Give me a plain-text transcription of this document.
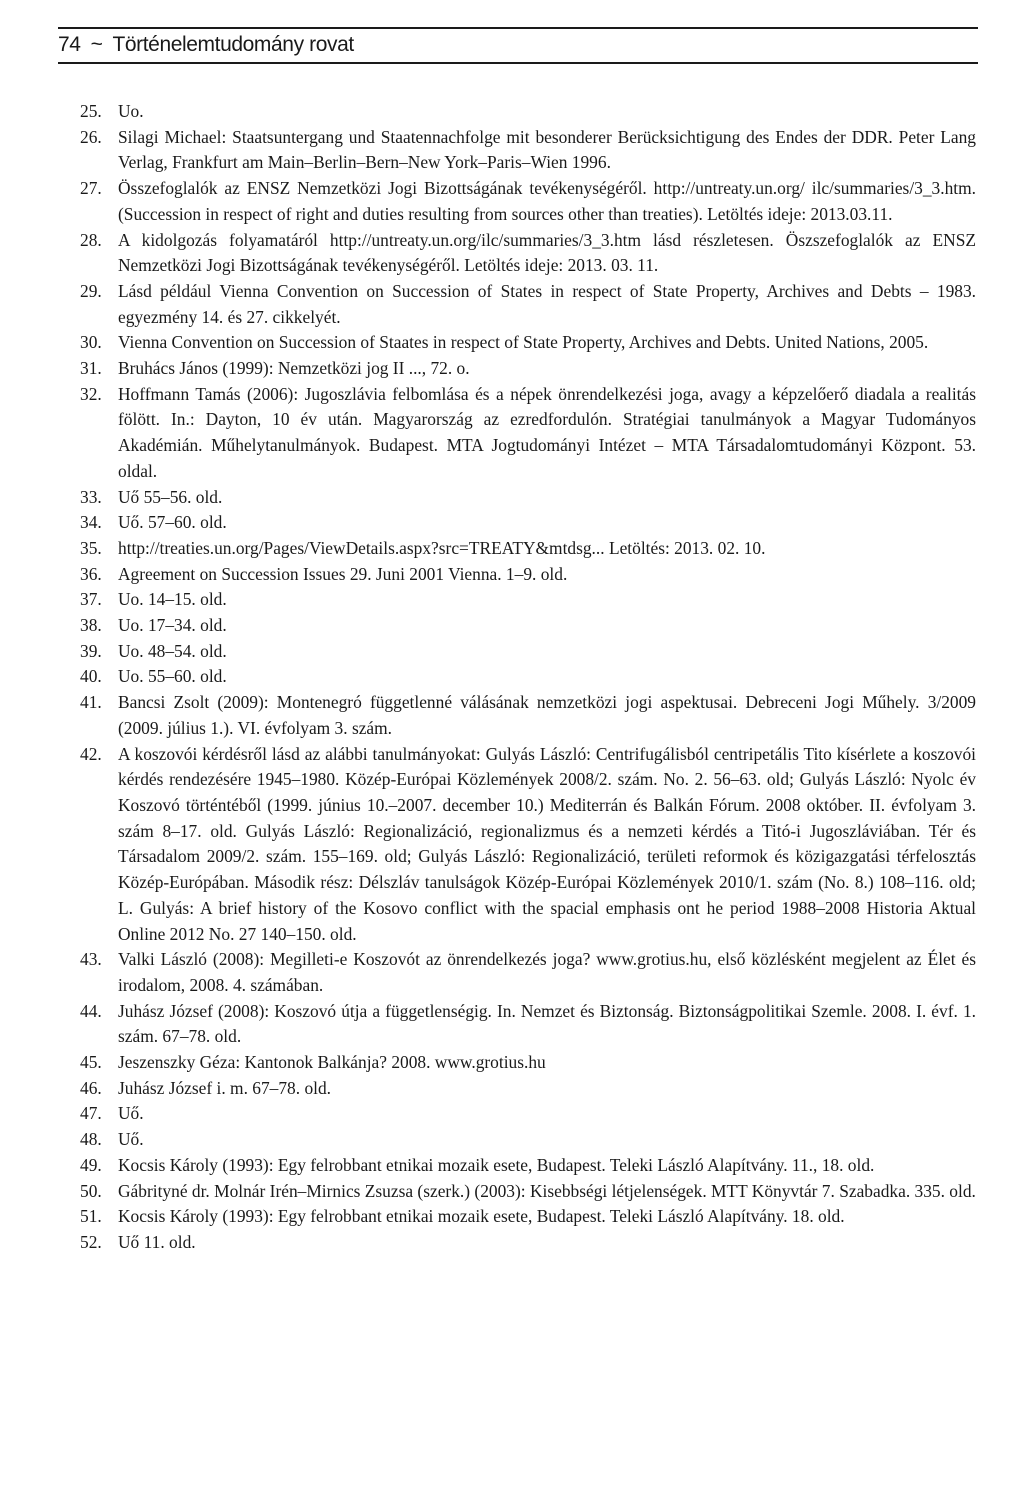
74 ~ Történelemtudomány rovat
25. Uo.
26. Silagi Michael: Staatsuntergang und Staatennachfolge mit besonderer Berücksichtigung des Endes der DDR. Peter Lang Verlag, Frankfurt am Main–Berlin–Bern–New York–Paris–Wien 1996.
27. Összefoglalók az ENSZ Nemzetközi Jogi Bizottságának tevékenységéről. http://untreaty.un.org/ ilc/summaries/3_3.htm. (Succession in respect of right and duties resulting from sources other than treaties). Letöltés ideje: 2013.03.11.
28. A kidolgozás folyamatáról http://untreaty.un.org/ilc/summaries/3_3.htm lásd részletesen. Öszszefoglalók az ENSZ Nemzetközi Jogi Bizottságának tevékenységéről. Letöltés ideje: 2013. 03. 11.
29. Lásd például Vienna Convention on Succession of States in respect of State Property, Archives and Debts – 1983. egyezmény 14. és 27. cikkelyét.
30. Vienna Convention on Succession of Staates in respect of State Property, Archives and Debts. United Nations, 2005.
31. Bruhács János (1999): Nemzetközi jog II ..., 72. o.
32. Hoffmann Tamás (2006): Jugoszlávia felbomlása és a népek önrendelkezési joga, avagy a képzelőerő diadala a realitás fölött. In.: Dayton, 10 év után. Magyarország az ezredfordulón. Stratégiai tanulmányok a Magyar Tudományos Akadémián. Műhelytanulmányok. Budapest. MTA Jogtudományi Intézet – MTA Társadalomtudományi Központ. 53. oldal.
33. Uő 55–56. old.
34. Uő. 57–60. old.
35. http://treaties.un.org/Pages/ViewDetails.aspx?src=TREATY&mtdsg... Letöltés: 2013. 02. 10.
36. Agreement on Succession Issues 29. Juni 2001 Vienna. 1–9. old.
37. Uo. 14–15. old.
38. Uo. 17–34. old.
39. Uo. 48–54. old.
40. Uo. 55–60. old.
41. Bancsi Zsolt (2009): Montenegró függetlenné válásának nemzetközi jogi aspektusai. Debreceni Jogi Műhely. 3/2009 (2009. július 1.). VI. évfolyam 3. szám.
42. A koszovói kérdésről lásd az alábbi tanulmányokat: Gulyás László: Centrifugálisból centripetális Tito kísérlete a koszovói kérdés rendezésére 1945–1980. Közép-Európai Közlemények 2008/2. szám. No. 2. 56–63. old; Gulyás László: Nyolc év Koszovó történtéből (1999. június 10.–2007. december 10.) Mediterrán és Balkán Fórum. 2008 október. II. évfolyam 3. szám 8–17. old. Gulyás László: Regionalizáció, regionalizmus és a nemzeti kérdés a Titó-i Jugoszláviában. Tér és Társadalom 2009/2. szám. 155–169. old; Gulyás László: Regionalizáció, területi reformok és közigazgatási térfelosztás Közép-Európában. Második rész: Délszláv tanulságok Közép-Európai Közlemények 2010/1. szám (No. 8.) 108–116. old; L. Gulyás: A brief history of the Kosovo conflict with the spacial emphasis ont he period 1988–2008 Historia Aktual Online 2012 No. 27 140–150. old.
43. Valki László (2008): Megilleti-e Koszovót az önrendelkezés joga? www.grotius.hu, első közlésként megjelent az Élet és irodalom, 2008. 4. számában.
44. Juhász József (2008): Koszovó útja a függetlenségig. In. Nemzet és Biztonság. Biztonságpolitikai Szemle. 2008. I. évf. 1. szám. 67–78. old.
45. Jeszenszky Géza: Kantonok Balkánja? 2008. www.grotius.hu
46. Juhász József i. m. 67–78. old.
47. Uő.
48. Uő.
49. Kocsis Károly (1993): Egy felrobbant etnikai mozaik esete, Budapest. Teleki László Alapítvány. 11., 18. old.
50. Gábrityné dr. Molnár Irén–Mirnics Zsuzsa (szerk.) (2003): Kisebbségi létjelenségek. MTT Könyvtár 7. Szabadka. 335. old.
51. Kocsis Károly (1993): Egy felrobbant etnikai mozaik esete, Budapest. Teleki László Alapítvány. 18. old.
52. Uő 11. old.
